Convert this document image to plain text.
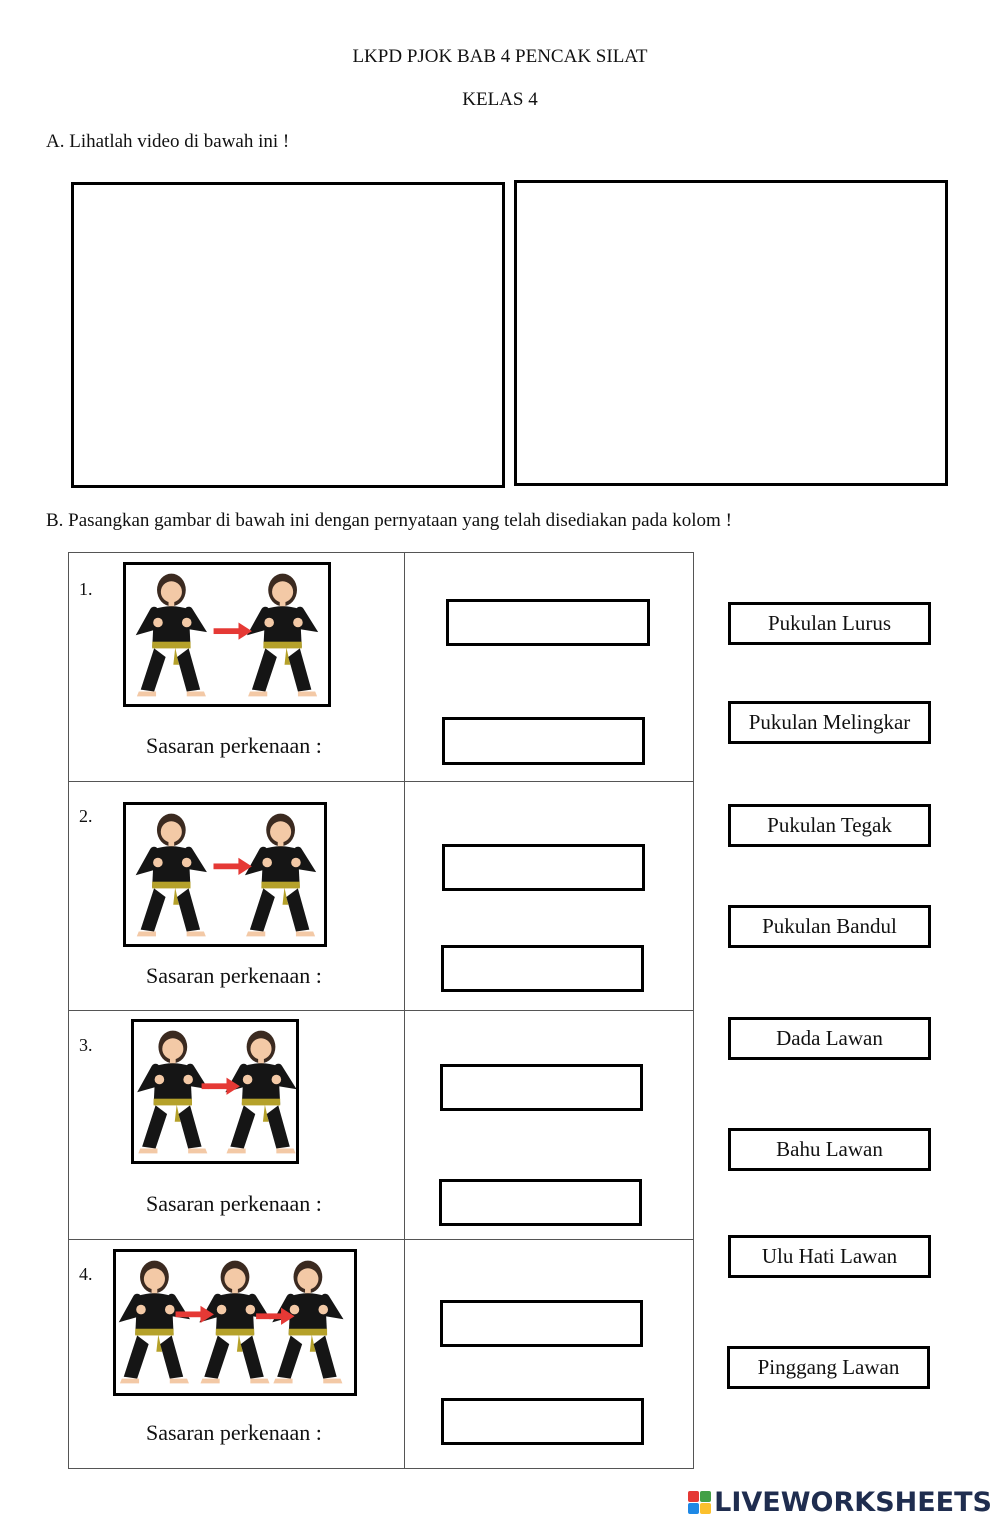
LKPD PJOK BAB 4 PENCAK SILAT
KELAS 4
A. Lihatlah video di bawah ini !
B. Pasangkan gambar di bawah ini dengan pernyataan yang telah disediakan pada kolom !
1.
Sasaran perkenaan :	

2.
Sasaran perkenaan :	

3.
Sasaran perkenaan :	

4.
Sasaran perkenaan :	

Pukulan Lurus
Pukulan Melingkar
Pukulan Tegak
Pukulan Bandul
Dada Lawan
Bahu Lawan
Ulu Hati Lawan
Pinggang Lawan
LIVEWORKSHEETS
